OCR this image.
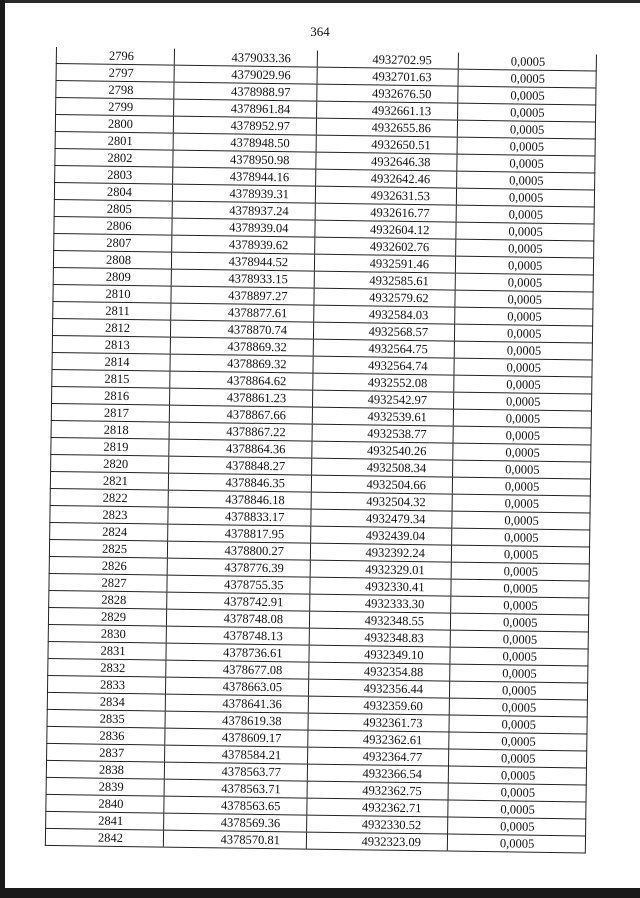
364
2796	4379033.36	4932702.95	0,0005
2797	4379029.96	4932701.63	0,0005
2798	4378988.97	4932676.50	0,0005
2799	4378961.84	4932661.13	0,0005
2800	4378952.97	4932655.86	0,0005
2801	4378948.50	4932650.51	0,0005
2802	4378950.98	4932646.38	0,0005
2803	4378944.16	4932642.46	0,0005
2804	4378939.31	4932631.53	0,0005
2805	4378937.24	4932616.77	0,0005
2806	4378939.04	4932604.12	0,0005
2807	4378939.62	4932602.76	0,0005
2808	4378944.52	4932591.46	0,0005
2809	4378933.15	4932585.61	0,0005
2810	4378897.27	4932579.62	0,0005
2811	4378877.61	4932584.03	0,0005
2812	4378870.74	4932568.57	0,0005
2813	4378869.32	4932564.75	0,0005
2814	4378869.32	4932564.74	0,0005
2815	4378864.62	4932552.08	0,0005
2816	4378861.23	4932542.97	0,0005
2817	4378867.66	4932539.61	0,0005
2818	4378867.22	4932538.77	0,0005
2819	4378864.36	4932540.26	0,0005
2820	4378848.27	4932508.34	0,0005
2821	4378846.35	4932504.66	0,0005
2822	4378846.18	4932504.32	0,0005
2823	4378833.17	4932479.34	0,0005
2824	4378817.95	4932439.04	0,0005
2825	4378800.27	4932392.24	0,0005
2826	4378776.39	4932329.01	0,0005
2827	4378755.35	4932330.41	0,0005
2828	4378742.91	4932333.30	0,0005
2829	4378748.08	4932348.55	0,0005
2830	4378748.13	4932348.83	0,0005
2831	4378736.61	4932349.10	0,0005
2832	4378677.08	4932354.88	0,0005
2833	4378663.05	4932356.44	0,0005
2834	4378641.36	4932359.60	0,0005
2835	4378619.38	4932361.73	0,0005
2836	4378609.17	4932362.61	0,0005
2837	4378584.21	4932364.77	0,0005
2838	4378563.77	4932366.54	0,0005
2839	4378563.71	4932362.75	0,0005
2840	4378563.65	4932362.71	0,0005
2841	4378569.36	4932330.52	0,0005
2842	4378570.81	4932323.09	0,0005
